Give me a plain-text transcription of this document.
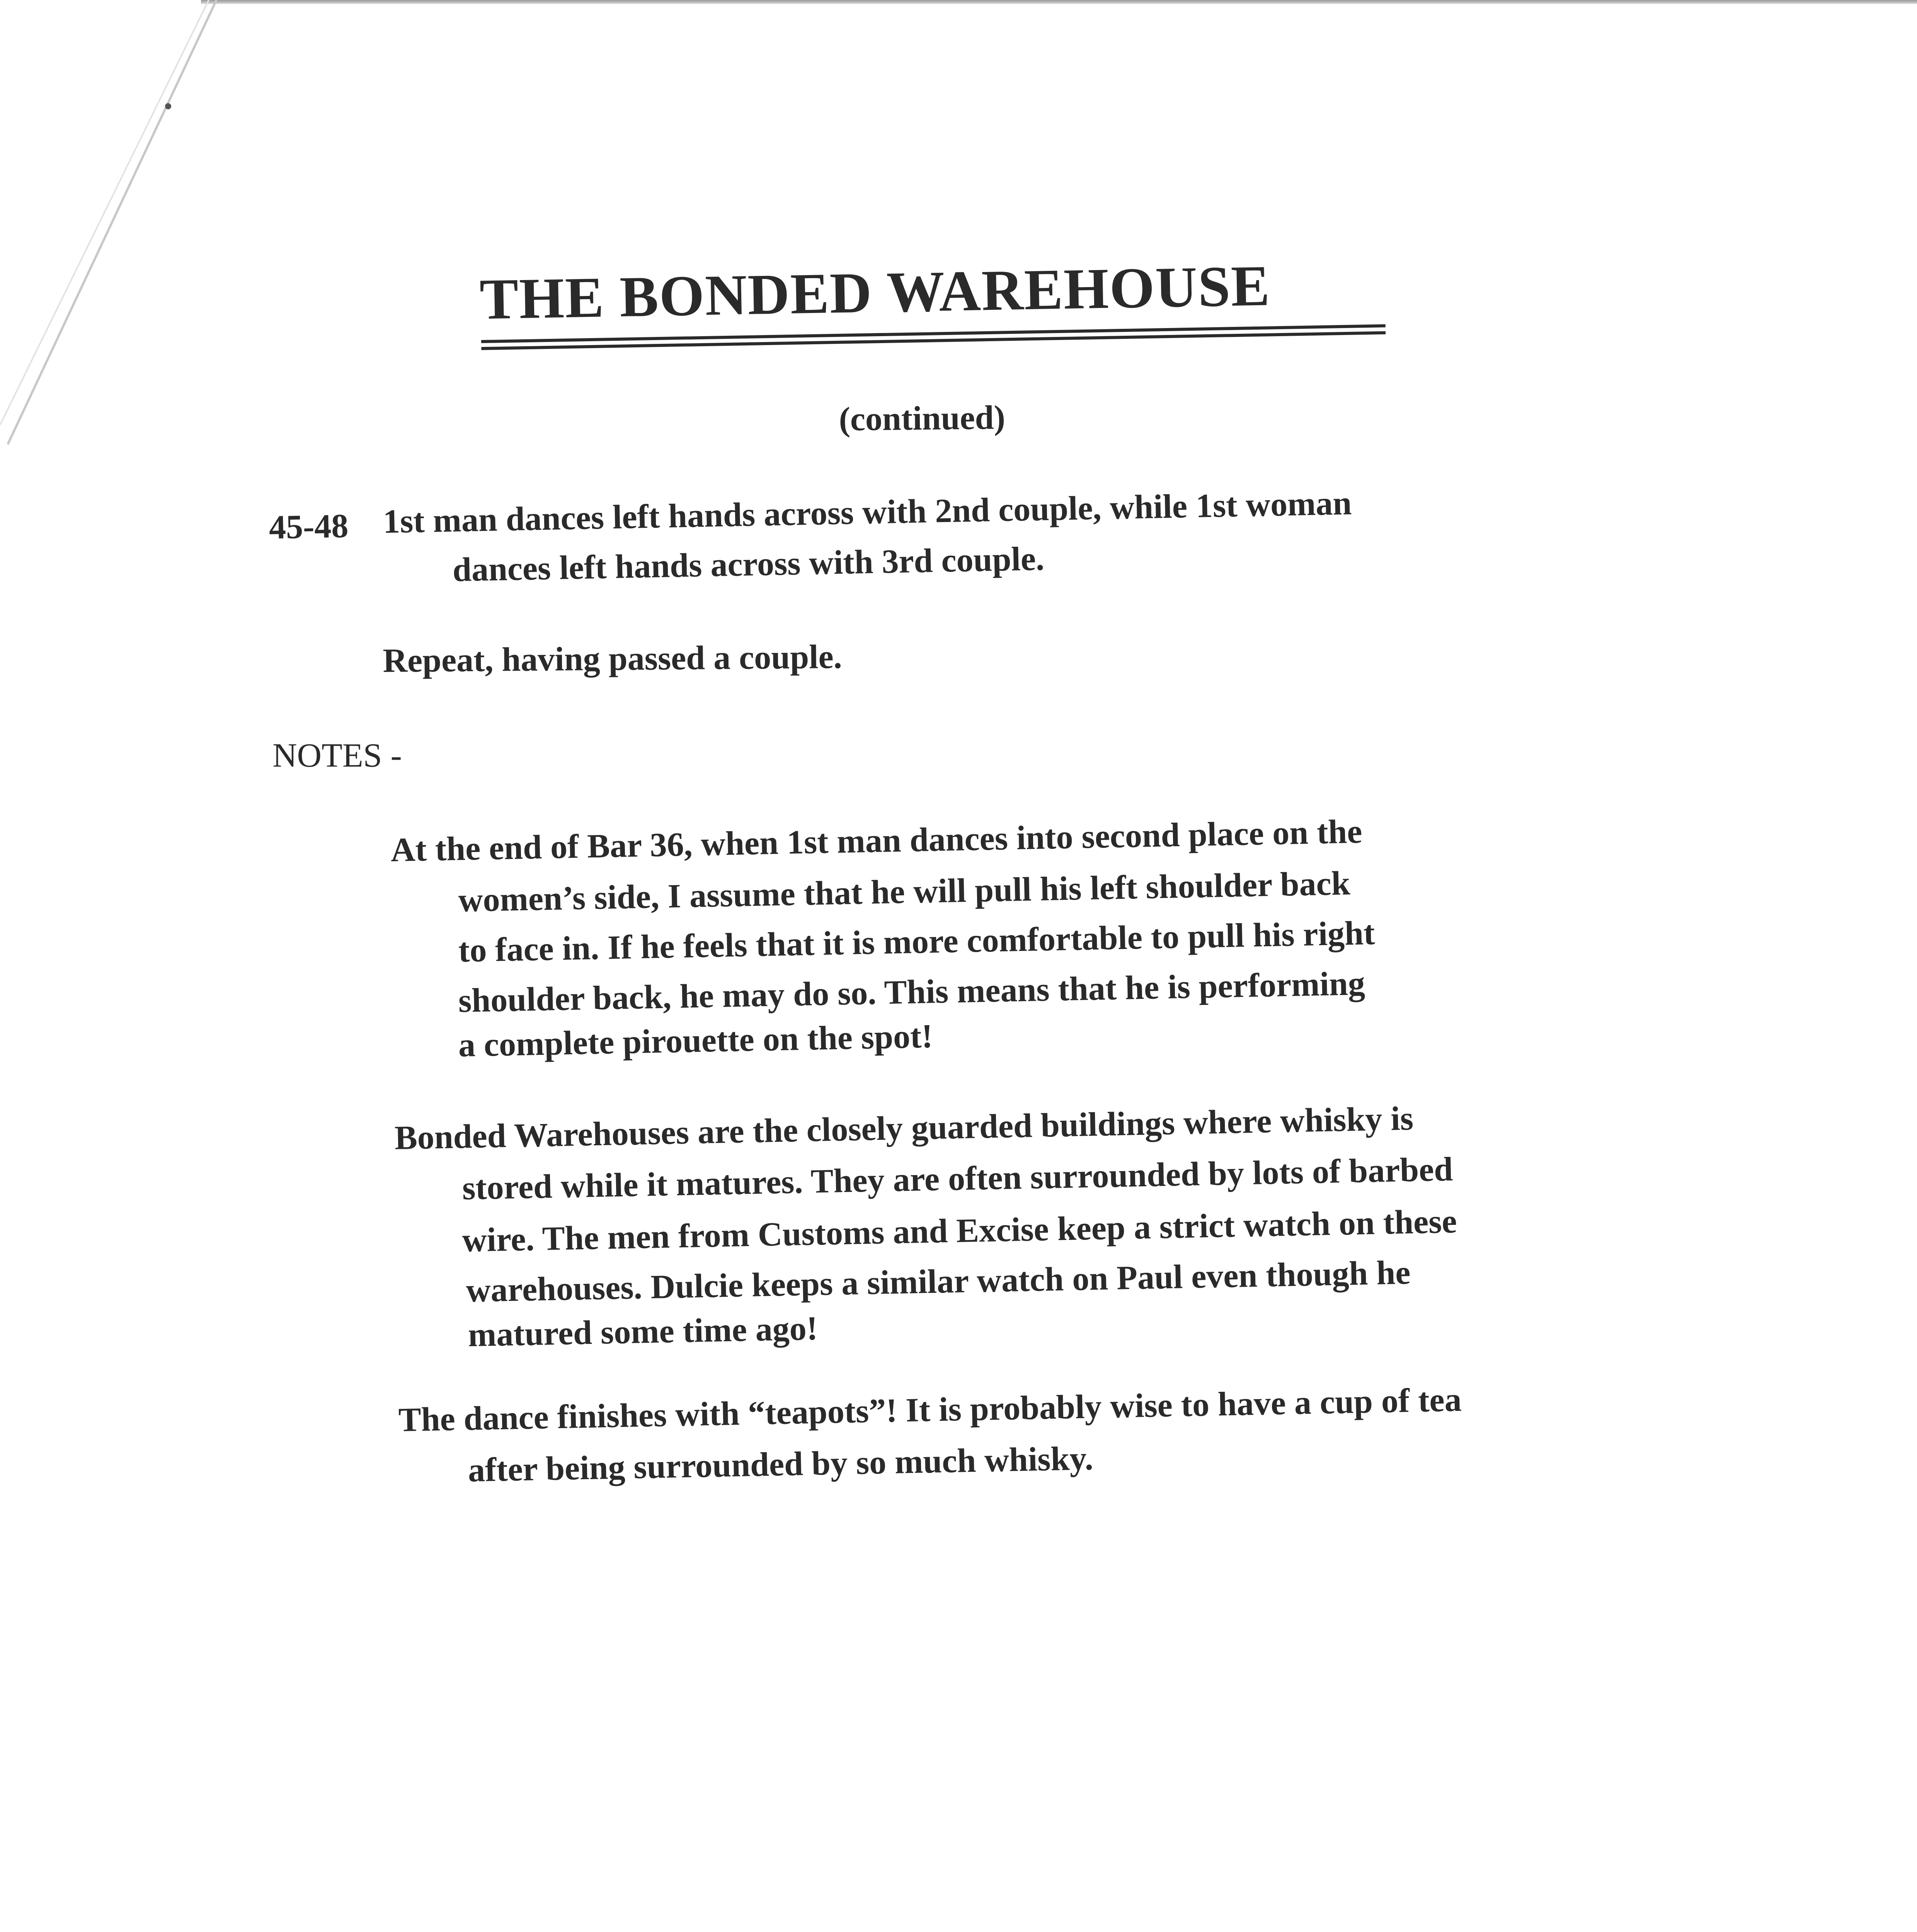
THE BONDED WAREHOUSE
(continued)
45-48 1st man dances left hands across with 2nd couple, while 1st woman
dances left hands across with 3rd couple.
Repeat, having passed a couple.
NOTES -
At the end of Bar 36, when 1st man dances into second place on the
women’s side, I assume that he will pull his left shoulder back
to face in. If he feels that it is more comfortable to pull his right
shoulder back, he may do so. This means that he is performing
a complete pirouette on the spot!
Bonded Warehouses are the closely guarded buildings where whisky is
stored while it matures. They are often surrounded by lots of barbed
wire. The men from Customs and Excise keep a strict watch on these
warehouses. Dulcie keeps a similar watch on Paul even though he
matured some time ago!
The dance finishes with “teapots”! It is probably wise to have a cup of tea
after being surrounded by so much whisky.
